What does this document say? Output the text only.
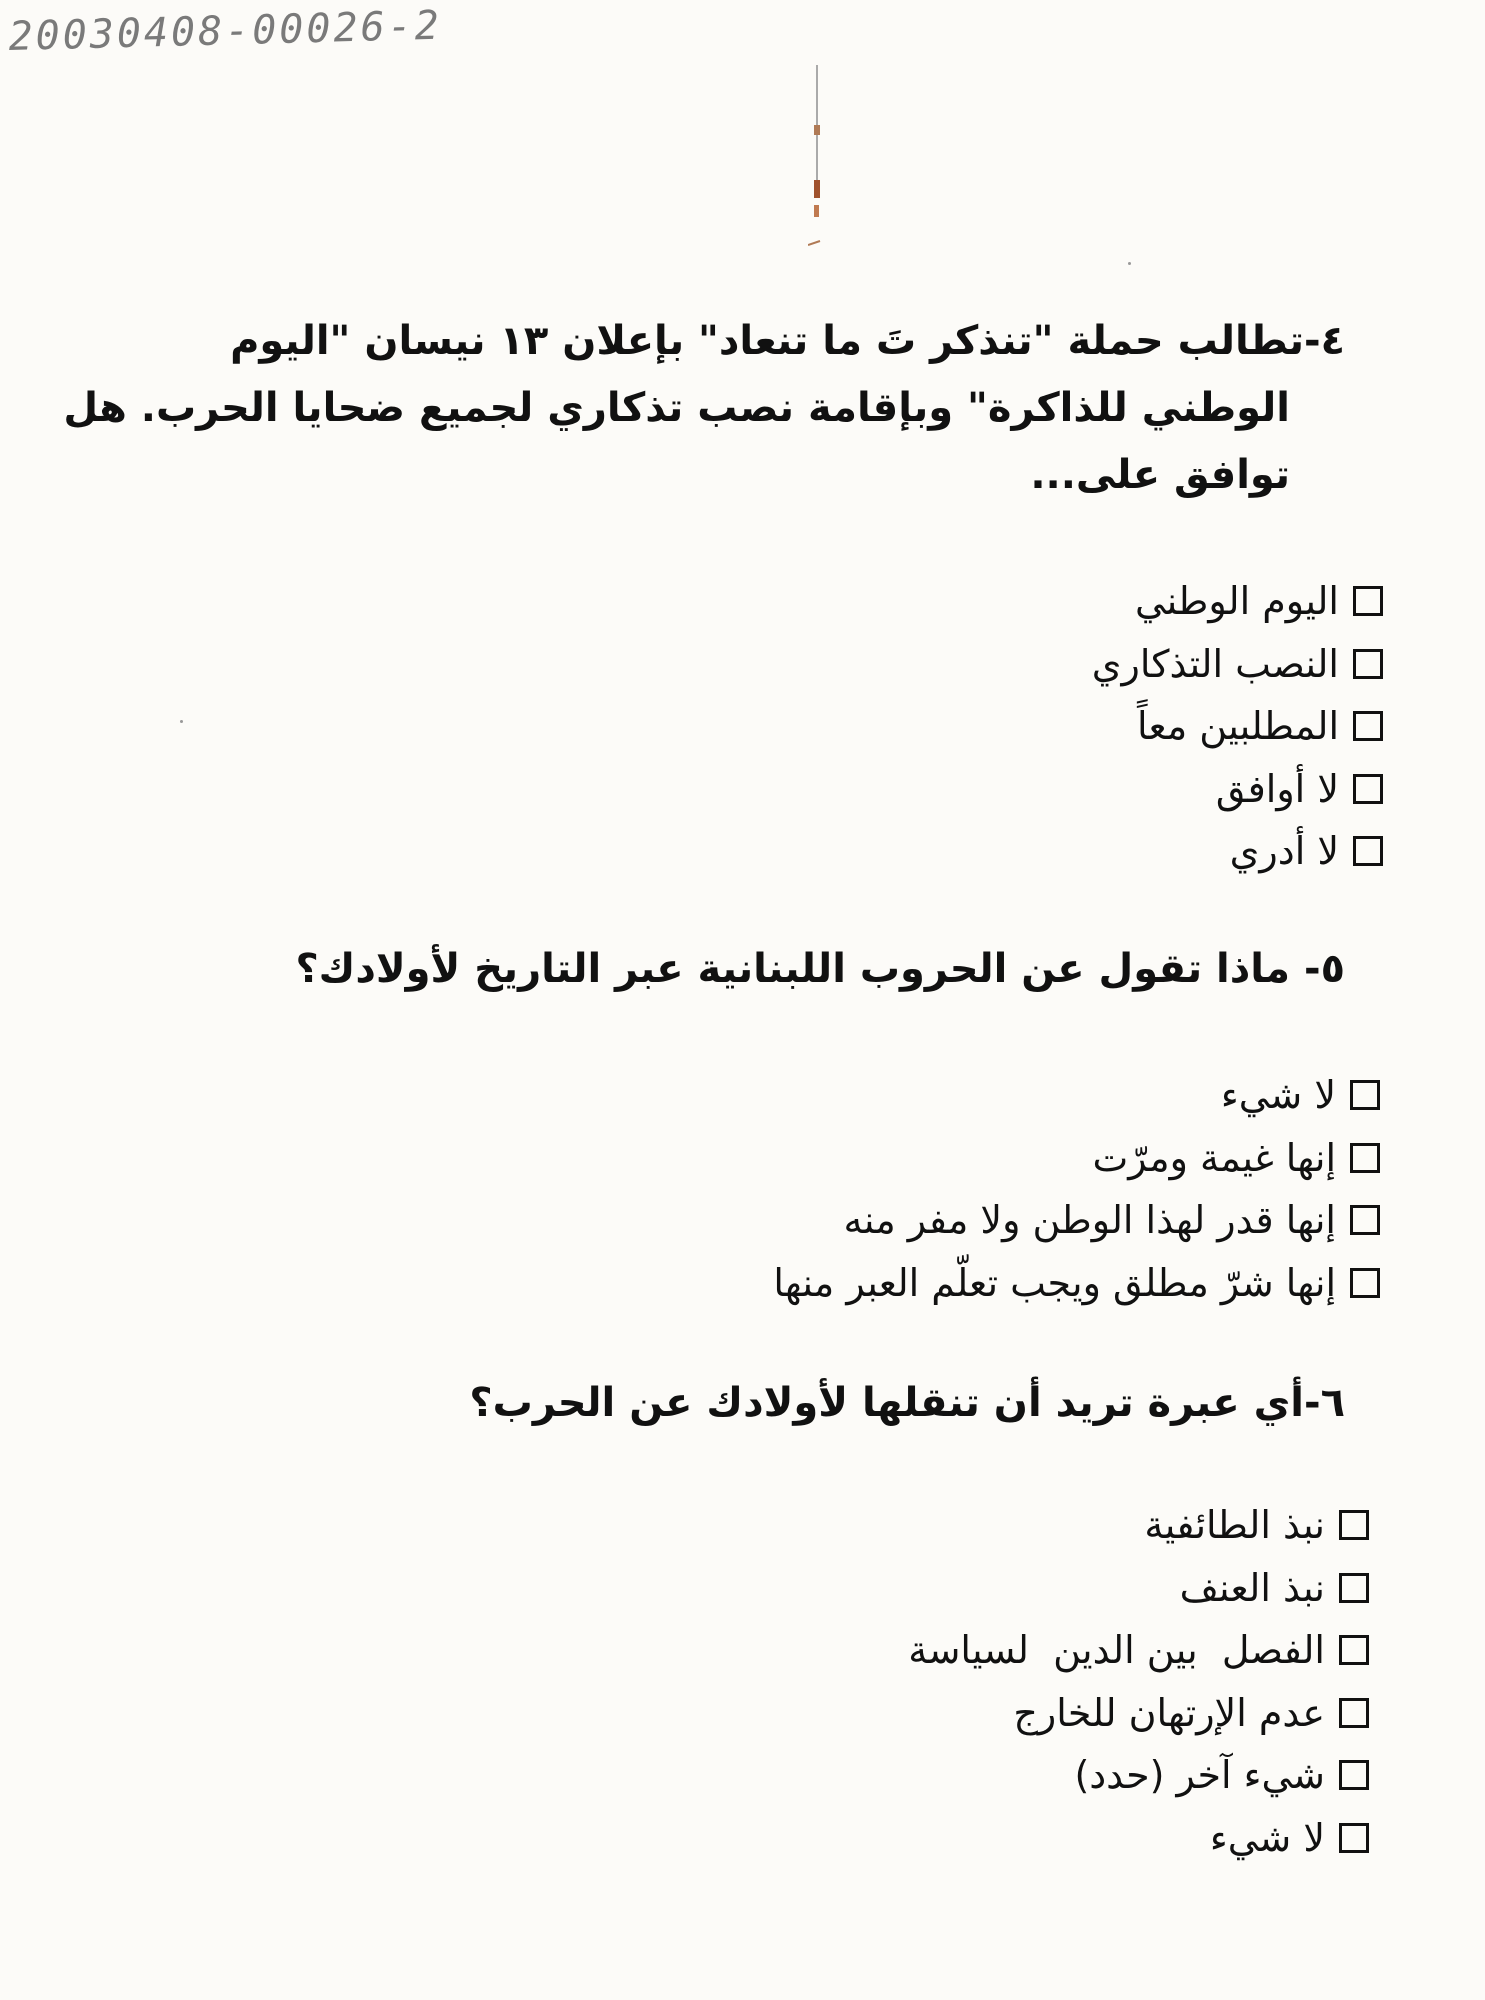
20030408-00026-2
٤-تطالب حملة "تنذكر تَ ما تنعاد" بإعلان ١٣ نيسان "اليوم
الوطني للذاكرة" وبإقامة نصب تذكاري لجميع ضحايا الحرب. هل
توافق على...
اليوم الوطني
النصب التذكاري
المطلبين معاً
لا أوافق
لا أدري
٥- ماذا تقول عن الحروب اللبنانية عبر التاريخ لأولادك؟
لا شيء
إنها غيمة ومرّت
إنها قدر لهذا الوطن ولا مفر منه
إنها شرّ مطلق ويجب تعلّم العبر منها
٦-أي عبرة تريد أن تنقلها لأولادك عن الحرب؟
نبذ الطائفية
نبذ العنف
الفصل  بين الدين  لسياسة
عدم الإرتهان للخارج
شيء آخر (حدد)
لا شيء
